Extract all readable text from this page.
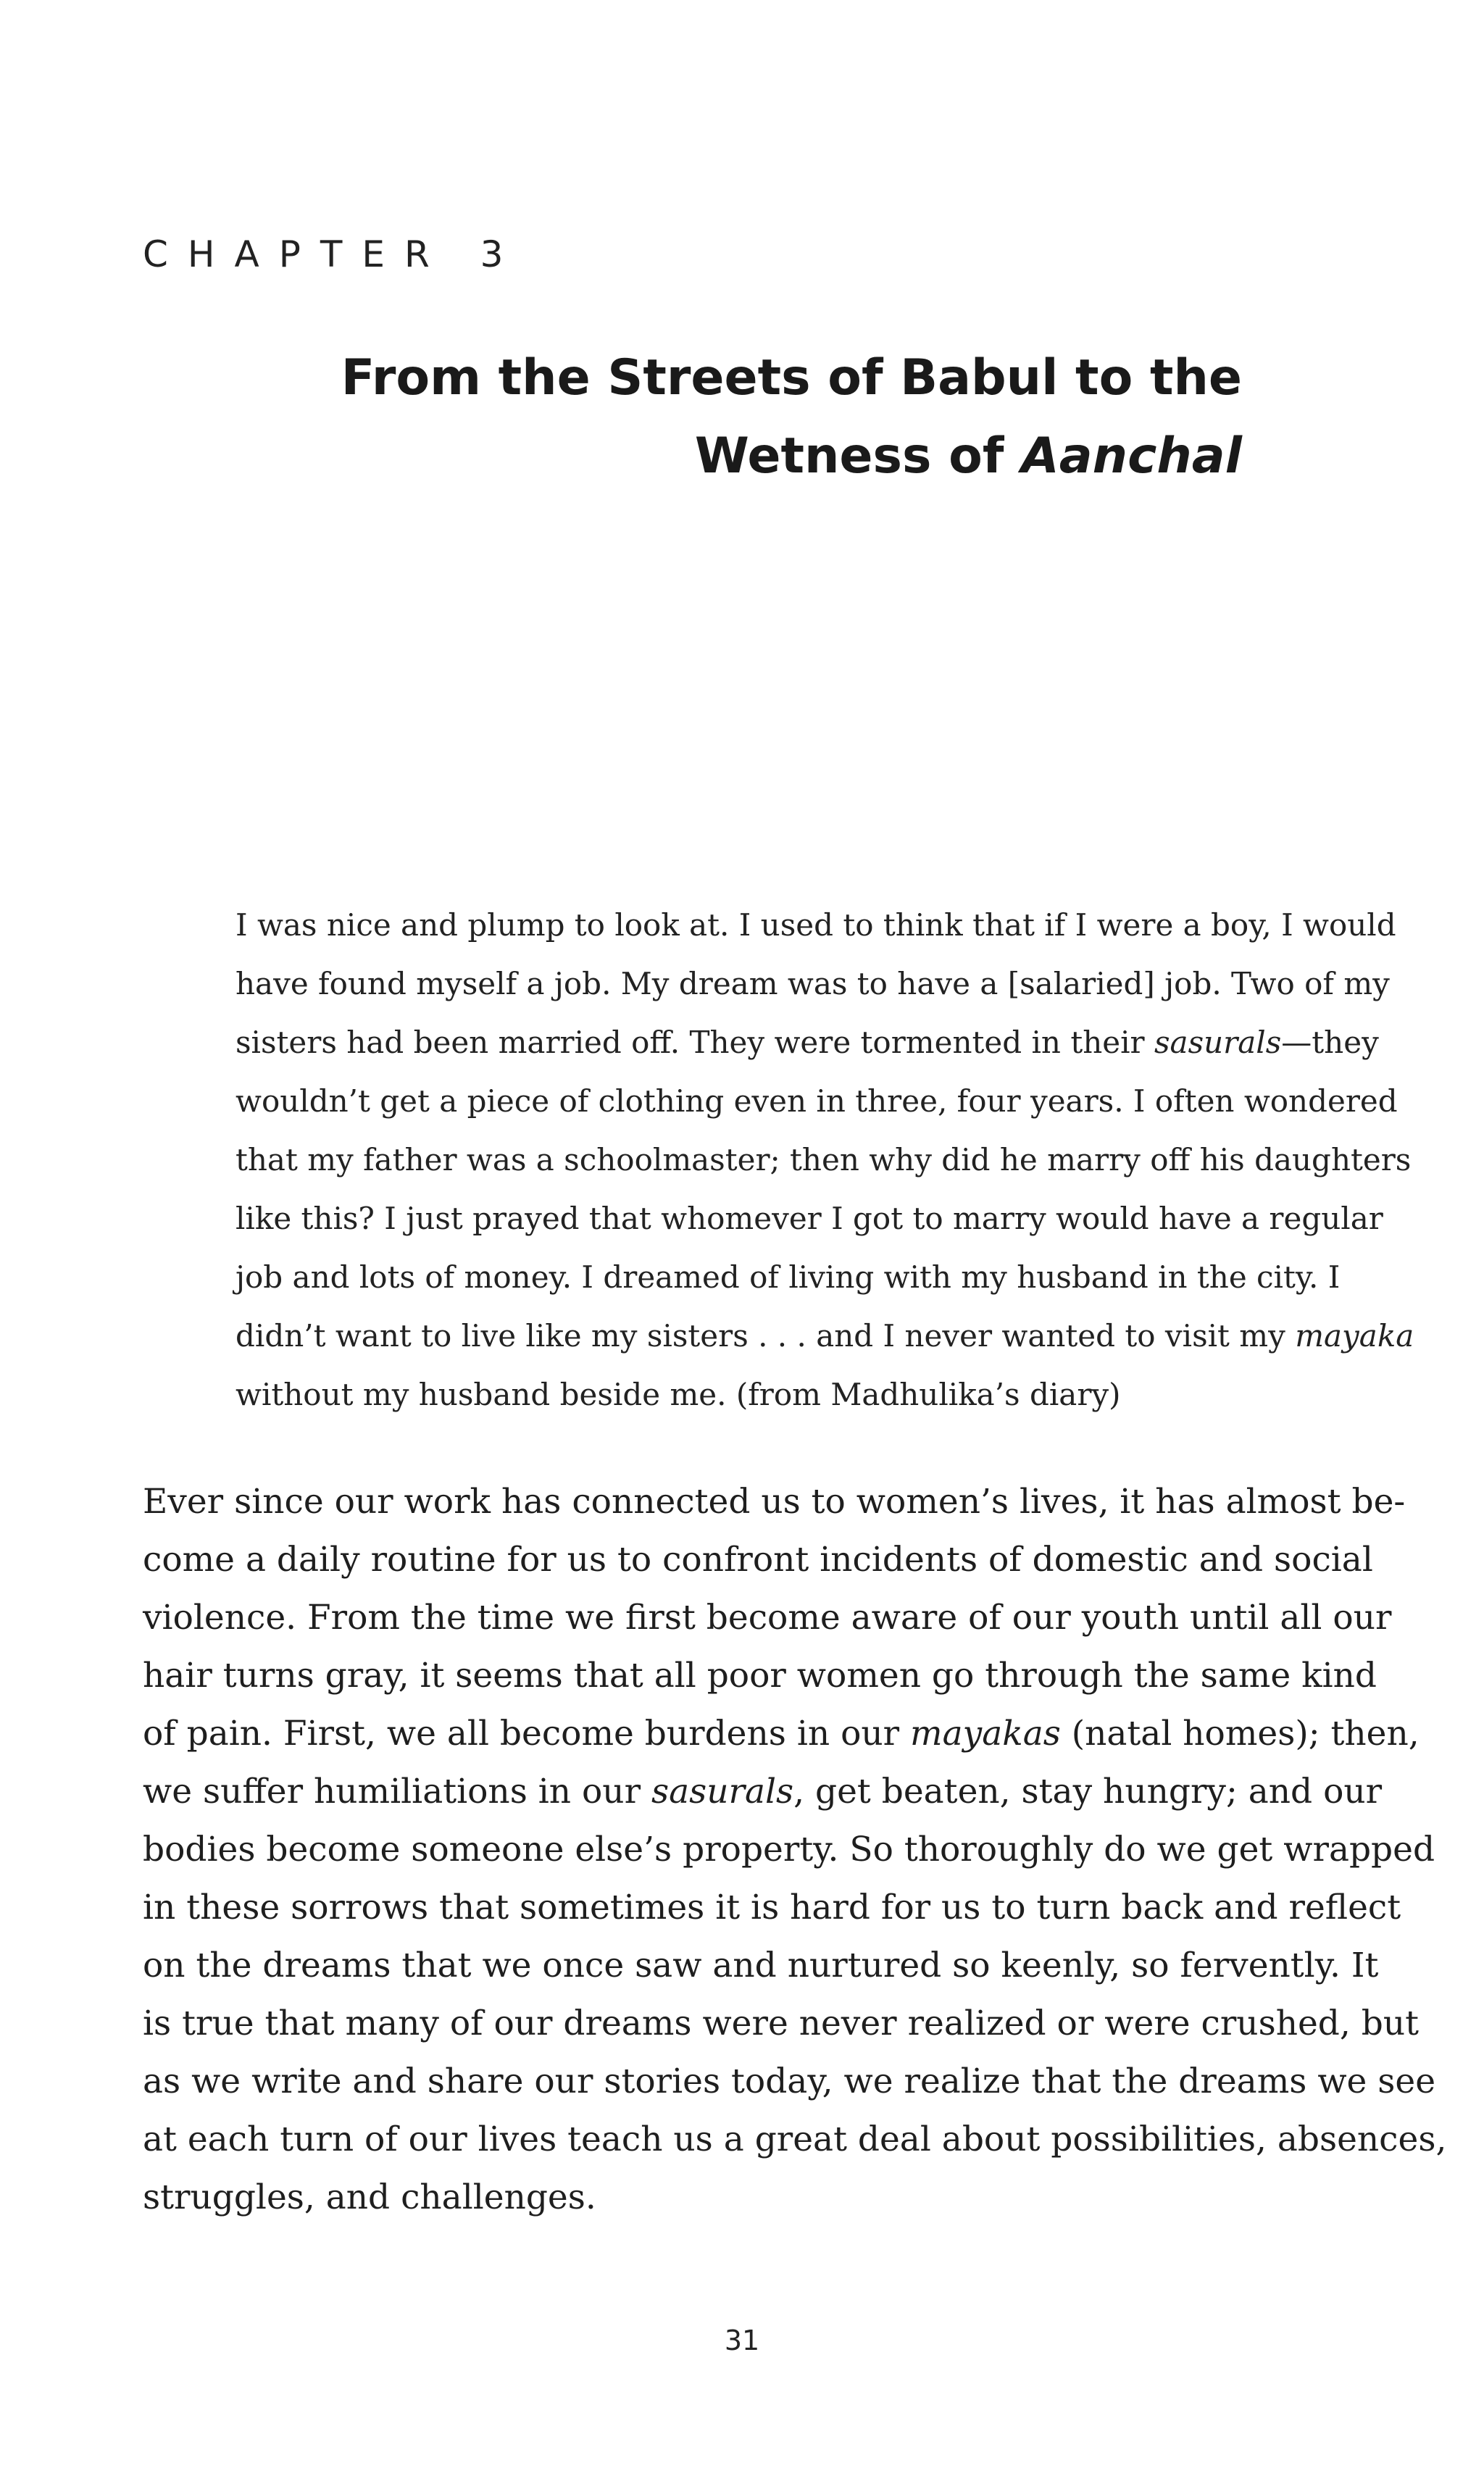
CHAPTER 3
From the Streets of Babul to the
Wetness of Aanchal
I was nice and plump to look at. I used to think that if I were a boy, I would
have found myself a job. My dream was to have a [salaried] job. Two of my
sisters had been married off. They were tormented in their sasurals—they
wouldn’t get a piece of clothing even in three, four years. I often wondered
that my father was a schoolmaster; then why did he marry off his daughters
like this? I just prayed that whomever I got to marry would have a regular
job and lots of money. I dreamed of living with my husband in the city. I
didn’t want to live like my sisters . . . and I never wanted to visit my mayaka
without my husband beside me. (from Madhulika’s diary)
Ever since our work has connected us to women’s lives, it has almost be-
come a daily routine for us to confront incidents of domestic and social
violence. From the time we first become aware of our youth until all our
hair turns gray, it seems that all poor women go through the same kind
of pain. First, we all become burdens in our mayakas (natal homes); then,
we suffer humiliations in our sasurals, get beaten, stay hungry; and our
bodies become someone else’s property. So thoroughly do we get wrapped
in these sorrows that sometimes it is hard for us to turn back and reflect
on the dreams that we once saw and nurtured so keenly, so fervently. It
is true that many of our dreams were never realized or were crushed, but
as we write and share our stories today, we realize that the dreams we see
at each turn of our lives teach us a great deal about possibilities, absences,
struggles, and challenges.
31
